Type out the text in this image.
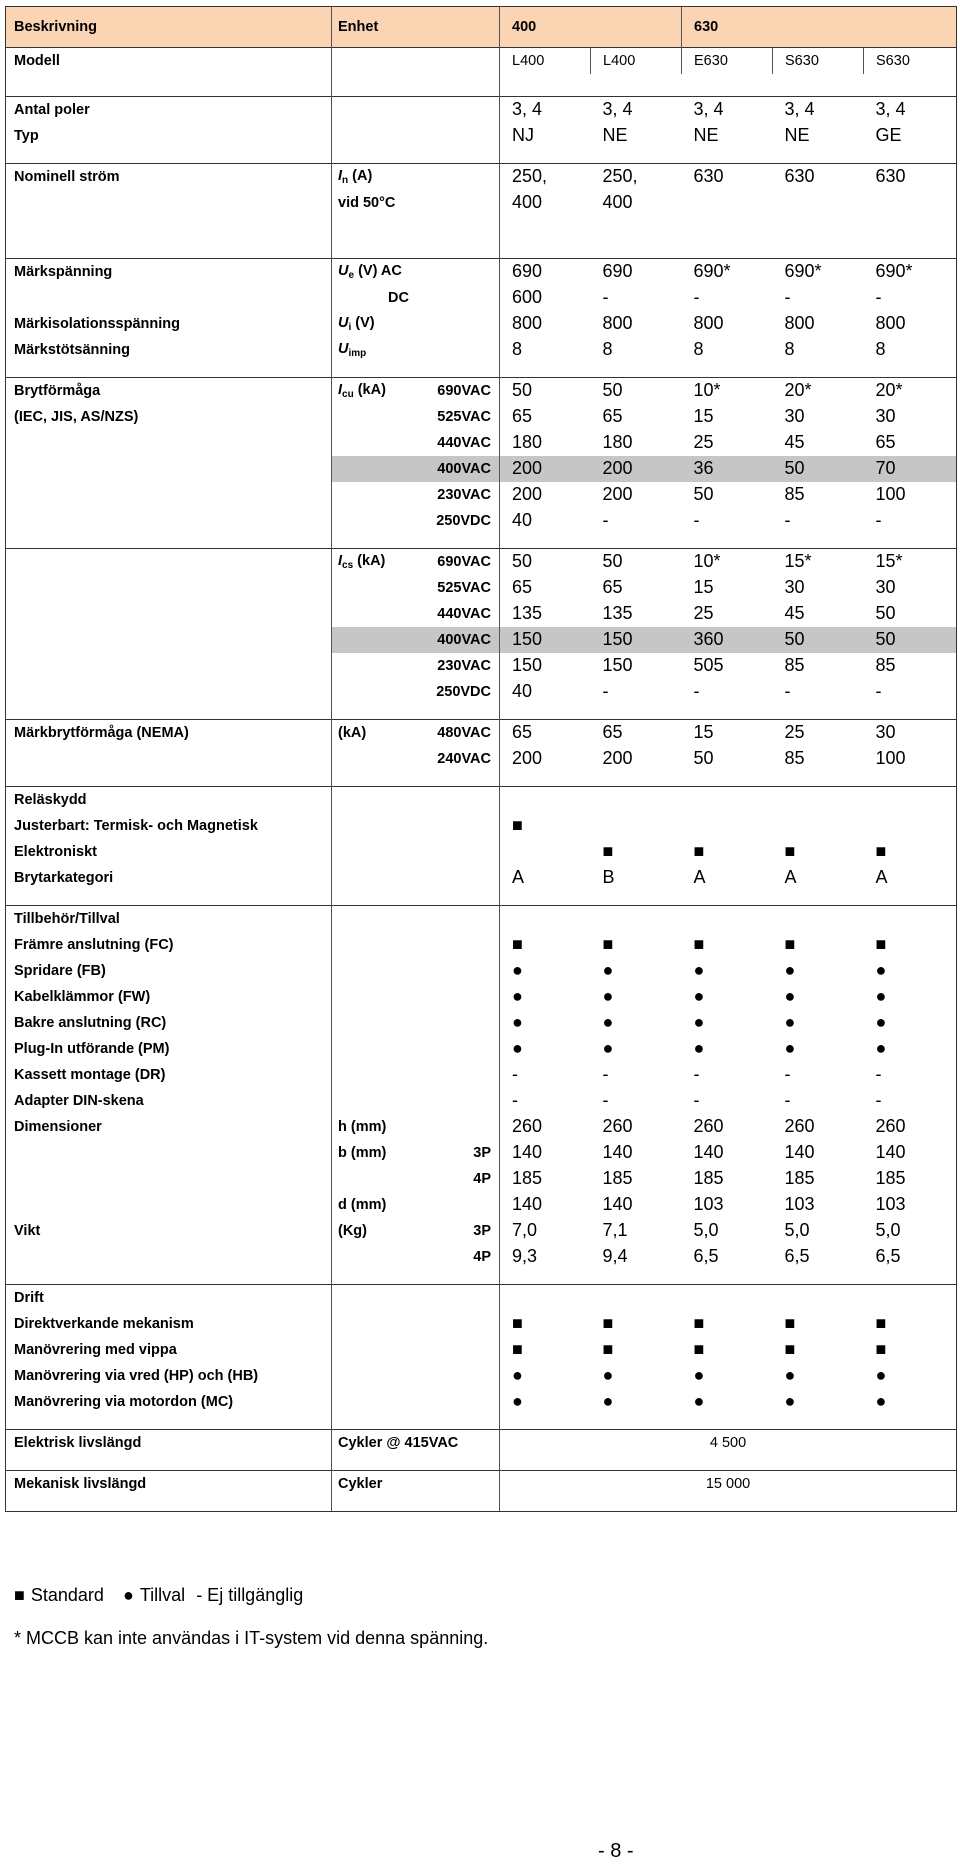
Beskrivning	Enhet		400		630		
Modell			L400	L400	E630	S630	S630

Antal poler			3, 4	3, 4	3, 4	3, 4	3, 4
Typ			NJ	NE	NE	NE	GE

Nominell ström	$I_n$ (A)		250,	250,	630	630	630
	vid 50°C		400	400			

Märkspänning	$U_e$ (V) AC		690	690	690*	690*	690*
	DC		600	-	-	-	-
Märkisolationsspänning	$U_i$ (V)		800	800	800	800	800
Märkstötsänning	$U_{imp}$		8	8	8	8	8

Brytförmåga	$I_{cu}$ (kA)	690VAC	50	50	10*	20*	20*
(IEC, JIS, AS/NZS)		525VAC	65	65	15	30	30
		440VAC	180	180	25	45	65
		400VAC	200	200	36	50	70
		230VAC	200	200	50	85	100
		250VDC	40	-	-	-	-

	$I_{cs}$ (kA)	690VAC	50	50	10*	15*	15*
		525VAC	65	65	15	30	30
		440VAC	135	135	25	45	50
		400VAC	150	150	360	50	50
		230VAC	150	150	505	85	85
		250VDC	40	-	-	-	-

Märkbrytförmåga (NEMA)	(kA)	480VAC	65	65	15	25	30
		240VAC	200	200	50	85	100

Reläskydd							
Justerbart: Termisk- och Magnetisk			■				
Elektroniskt				■	■	■	■
Brytarkategori			A	B	A	A	A

Tillbehör/Tillval							
Främre anslutning (FC)			■	■	■	■	■
Spridare (FB)			●	●	●	●	●
Kabelklämmor (FW)			●	●	●	●	●
Bakre anslutning (RC)			●	●	●	●	●
Plug-In utförande (PM)			●	●	●	●	●
Kassett montage (DR)			-	-	-	-	-
Adapter DIN-skena			-	-	-	-	-
Dimensioner	h (mm)		260	260	260	260	260
	b (mm)	3P	140	140	140	140	140
		4P	185	185	185	185	185
	d (mm)		140	140	103	103	103
Vikt	(Kg)	3P	7,0	7,1	5,0	5,0	5,0
		4P	9,3	9,4	6,5	6,5	6,5

Drift							
Direktverkande mekanism			■	■	■	■	■
Manövrering med vippa			■	■	■	■	■
Manövrering via vred (HP) och (HB)			●	●	●	●	●
Manövrering via motordon (MC)			●	●	●	●	●

Elektrisk livslängd	Cykler @ 415VAC		4 500				

Mekanisk livslängd	Cykler		15 000				

■ Standard ● Tillval - Ej tillgänglig
* MCCB kan inte användas i IT-system vid denna spänning.
- 8 -
